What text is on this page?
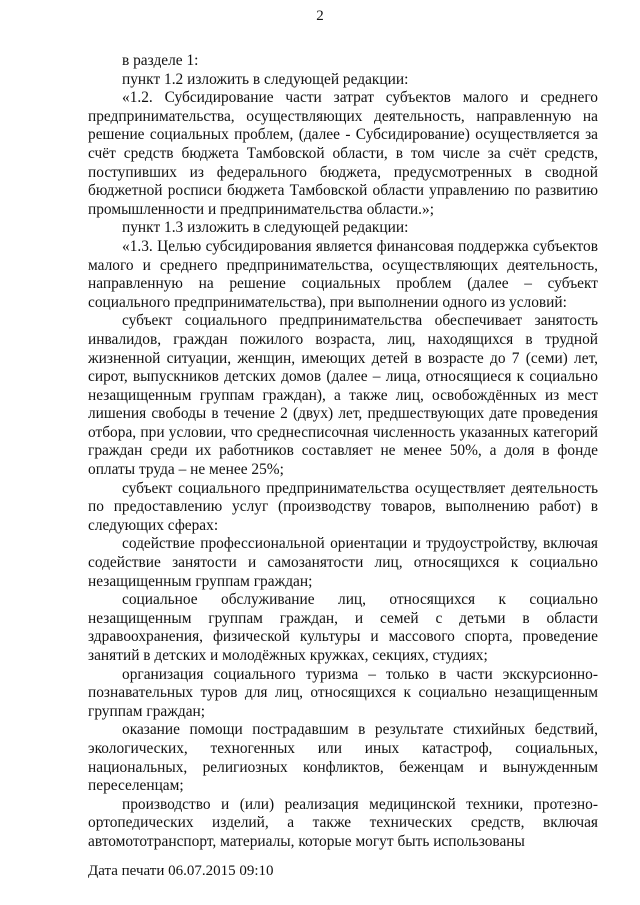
2

в разделе 1:

пункт 1.2 изложить в следующей редакции:

«1.2. Субсидирование части затрат субъектов малого и среднего предпринимательства, осуществляющих деятельность, направленную на решение социальных проблем, (далее - Субсидирование) осуществляется за счёт средств бюджета Тамбовской области, в том числе за счёт средств, поступивших из федерального бюджета, предусмотренных в сводной бюджетной росписи бюджета Тамбовской области управлению по развитию промышленности и предпринимательства области.»;

пункт 1.3 изложить в следующей редакции:

«1.3. Целью субсидирования является финансовая поддержка субъектов малого и среднего предпринимательства, осуществляющих деятельность, направленную на решение социальных проблем (далее – субъект социального предпринимательства), при выполнении одного из условий:

субъект социального предпринимательства обеспечивает занятость инвалидов, граждан пожилого возраста, лиц, находящихся в трудной жизненной ситуации, женщин, имеющих детей в возрасте до 7 (семи) лет, сирот, выпускников детских домов (далее – лица, относящиеся к социально незащищенным группам граждан), а также лиц, освобождённых из мест лишения свободы в течение 2 (двух) лет, предшествующих дате проведения отбора, при условии, что среднесписочная численность указанных категорий граждан среди их работников составляет не менее 50%, а доля в фонде оплаты труда – не менее 25%;

субъект социального предпринимательства осуществляет деятельность по предоставлению услуг (производству товаров, выполнению работ) в следующих сферах:

содействие профессиональной ориентации и трудоустройству, включая содействие занятости и самозанятости лиц, относящихся к социально незащищенным группам граждан;

социальное обслуживание лиц, относящихся к социально незащищенным группам граждан, и семей с детьми в области здравоохранения, физической культуры и массового спорта, проведение занятий в детских и молодёжных кружках, секциях, студиях;

организация социального туризма – только в части экскурсионно-познавательных туров для лиц, относящихся к социально незащищенным группам граждан;

оказание помощи пострадавшим в результате стихийных бедствий, экологических, техногенных или иных катастроф, социальных, национальных, религиозных конфликтов, беженцам и вынужденным переселенцам;

производство и (или) реализация медицинской техники, протезно-ортопедических изделий, а также технических средств, включая автомототранспорт, материалы, которые могут быть использованы

Дата печати 06.07.2015 09:10
